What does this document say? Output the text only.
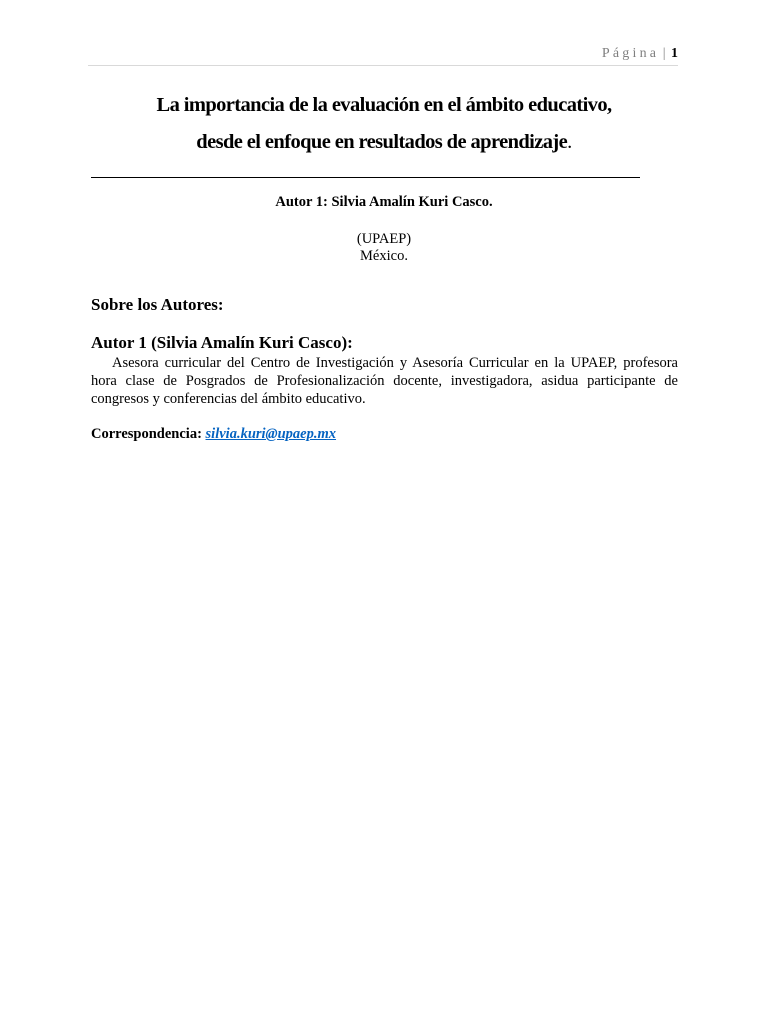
Página | 1
La importancia de la evaluación en el ámbito educativo,
desde el enfoque en resultados de aprendizaje.
Autor 1: Silvia Amalín Kuri Casco.
(UPAEP)
México.
Sobre los Autores:
Autor 1 (Silvia Amalín Kuri Casco):

Asesora curricular del Centro de Investigación y Asesoría Curricular en la UPAEP, profesora hora clase de Posgrados de Profesionalización docente, investigadora, asidua participante de congresos y conferencias del ámbito educativo.

Correspondencia: silvia.kuri@upaep.mx
